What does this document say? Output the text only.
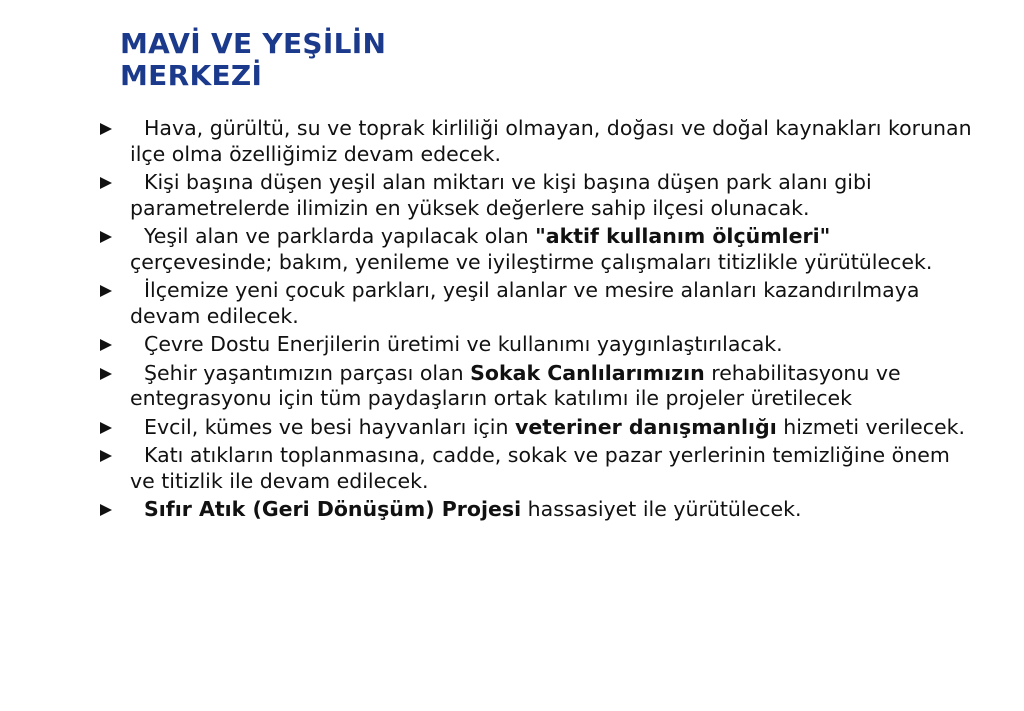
MAVİ VE YEŞİLİN
MERKEZİ
Hava, gürültü, su ve toprak kirliliği olmayan, doğası ve doğal kaynakları korunan ilçe olma özelliğimiz devam edecek.
Kişi başına düşen yeşil alan miktarı ve kişi başına düşen park alanı gibi parametrelerde ilimizin en yüksek değerlere sahip ilçesi olunacak.
Yeşil alan ve parklarda yapılacak olan "aktif kullanım ölçümleri" çerçevesinde; bakım, yenileme ve iyileştirme çalışmaları titizlikle yürütülecek.
İlçemize yeni çocuk parkları, yeşil alanlar ve mesire alanları kazandırılmaya devam edilecek.
Çevre Dostu Enerjilerin üretimi ve kullanımı yaygınlaştırılacak.
Şehir yaşantımızın parçası olan Sokak Canlılarımızın rehabilitasyonu ve entegrasyonu için tüm paydaşların ortak katılımı ile projeler üretilecek
Evcil, kümes ve besi hayvanları için veteriner danışmanlığı hizmeti verilecek.
Katı atıkların toplanmasına, cadde, sokak ve pazar yerlerinin temizliğine önem ve titizlik ile devam edilecek.
Sıfır Atık (Geri Dönüşüm) Projesi hassasiyet ile yürütülecek.
